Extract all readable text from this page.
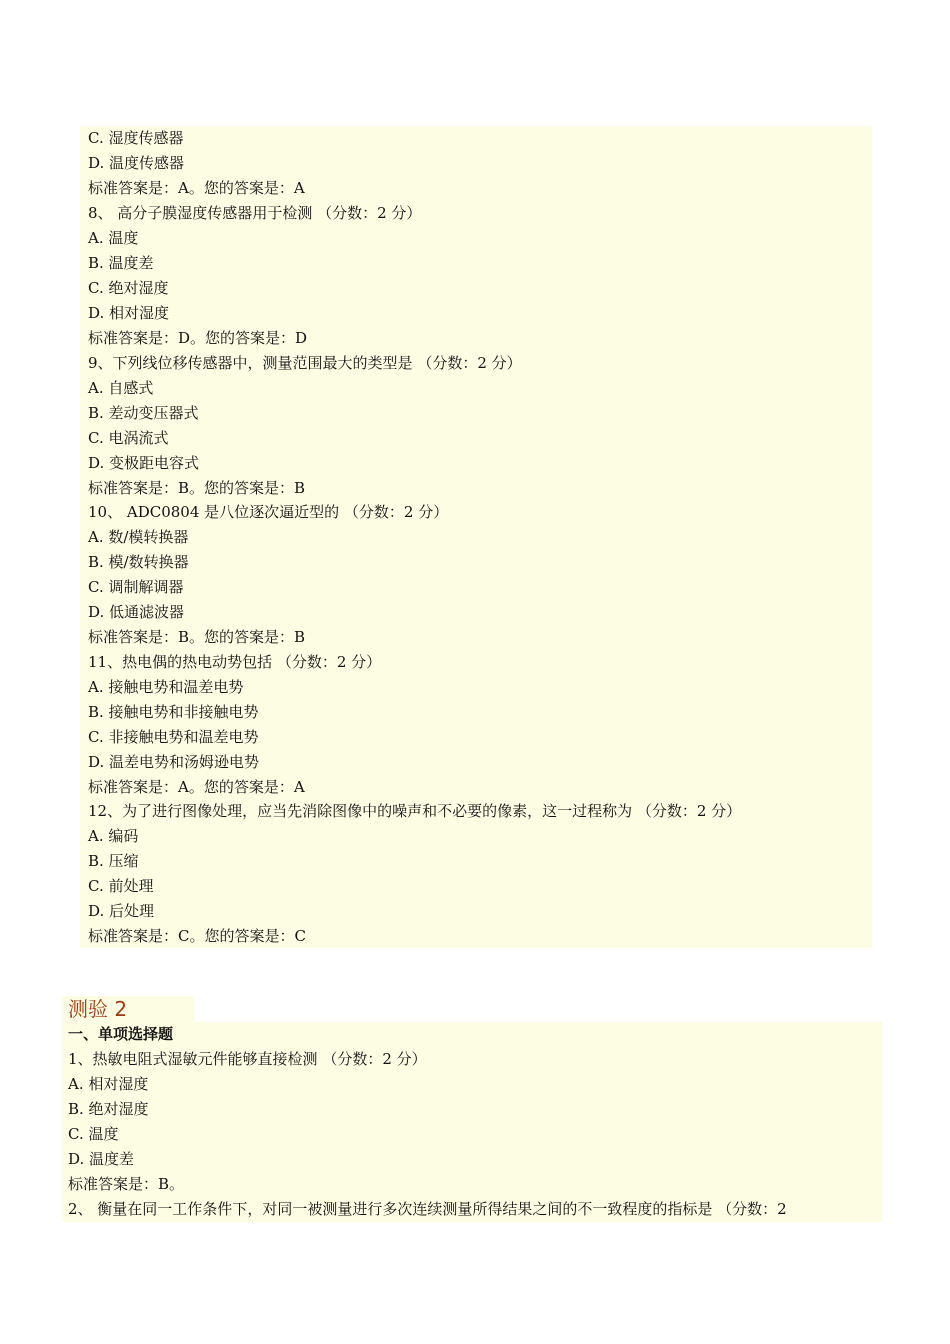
C. 湿度传感器
D. 温度传感器
标准答案是：A。您的答案是：A
8、 高分子膜湿度传感器用于检测 （分数：2 分）
A. 温度
B. 温度差
C. 绝对湿度
D. 相对湿度
标准答案是：D。您的答案是：D
9、下列线位移传感器中，测量范围最大的类型是 （分数：2 分）
A. 自感式
B. 差动变压器式
C. 电涡流式
D. 变极距电容式
标准答案是：B。您的答案是：B
10、 ADC0804 是八位逐次逼近型的 （分数：2 分）
A. 数/模转换器
B. 模/数转换器
C. 调制解调器
D. 低通滤波器
标准答案是：B。您的答案是：B
11、热电偶的热电动势包括 （分数：2 分）
A. 接触电势和温差电势
B. 接触电势和非接触电势
C. 非接触电势和温差电势
D. 温差电势和汤姆逊电势
标准答案是：A。您的答案是：A
12、为了进行图像处理，应当先消除图像中的噪声和不必要的像素，这一过程称为 （分数：2 分）
A. 编码
B. 压缩
C. 前处理
D. 后处理
标准答案是：C。您的答案是：C
测验 2
一、单项选择题
1、热敏电阻式湿敏元件能够直接检测 （分数：2 分）
A. 相对湿度
B. 绝对湿度
C. 温度
D. 温度差
标准答案是：B。
2、 衡量在同一工作条件下，对同一被测量进行多次连续测量所得结果之间的不一致程度的指标是 （分数：2
